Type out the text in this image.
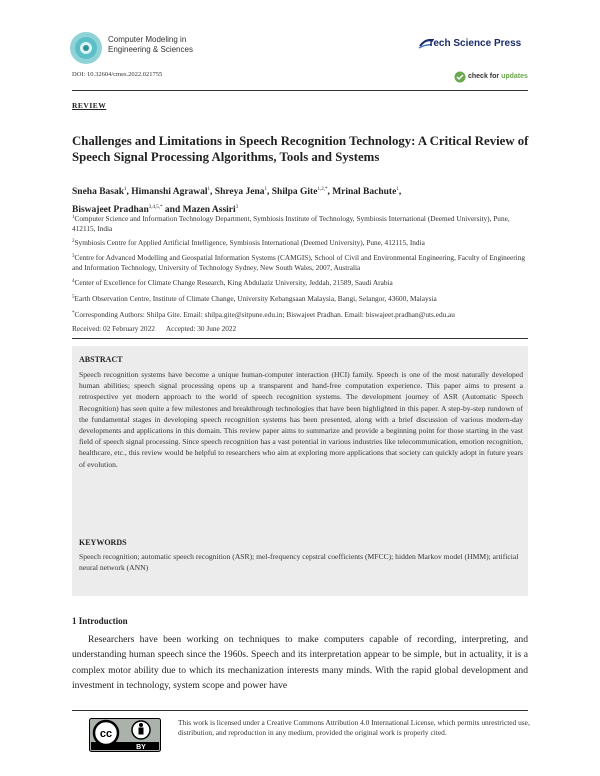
Computer Modeling in Engineering & Sciences
Tech Science Press
DOI: 10.32604/cmes.2022.021755	check for updates
REVIEW
Challenges and Limitations in Speech Recognition Technology: A Critical Review of Speech Signal Processing Algorithms, Tools and Systems
Sneha Basak$^1$, Himanshi Agrawal$^1$, Shreya Jena$^1$, Shilpa Gite$^{1,2,*}$, Mrinal Bachute$^1$,
Biswajeet Pradhan$^{3,4,5,*}$ and Mazen Assiri$^3$
$^1$Computer Science and Information Technology Department, Symbiosis Institute of Technology, Symbiosis International (Deemed University), Pune, 412115, India
$^2$Symbiosis Centre for Applied Artificial Intelligence, Symbiosis International (Deemed University), Pune, 412115, India
$^3$Centre for Advanced Modelling and Geospatial Information Systems (CAMGIS), School of Civil and Environmental Engineering, Faculty of Engineering and Information Technology, University of Technology Sydney, New South Wales, 2007, Australia
$^4$Center of Excellence for Climate Change Research, King Abdulaziz University, Jeddah, 21589, Saudi Arabia
$^5$Earth Observation Centre, Institute of Climate Change, University Kebangsaan Malaysia, Bangi, Selangor, 43600, Malaysia
*Corresponding Authors: Shilpa Gite. Email: shilpa.gite@sitpune.edu.in; Biswajeet Pradhan. Email: biswajeet.pradhan@uts.edu.au
Received: 02 February 2022 Accepted: 30 June 2022
ABSTRACT
Speech recognition systems have become a unique human-computer interaction (HCI) family. Speech is one of the most naturally developed human abilities; speech signal processing opens up a transparent and hand-free computation experience. This paper aims to present a retrospective yet modern approach to the world of speech recognition systems. The development journey of ASR (Automatic Speech Recognition) has seen quite a few milestones and breakthrough technologies that have been highlighted in this paper. A step-by-step rundown of the fundamental stages in developing speech recognition systems has been presented, along with a brief discussion of various modern-day developments and applications in this domain. This review paper aims to summarize and provide a beginning point for those starting in the vast field of speech signal processing. Since speech recognition has a vast potential in various industries like telecommunication, emotion recognition, healthcare, etc., this review would be helpful to researchers who aim at exploring more applications that society can quickly adopt in future years of evolution.
KEYWORDS
Speech recognition; automatic speech recognition (ASR); mel-frequency cepstral coefficients (MFCC); hidden Markov model (HMM); artificial neural network (ANN)
1 Introduction
Researchers have been working on techniques to make computers capable of recording, interpreting, and understanding human speech since the 1960s. Speech and its interpretation appear to be simple, but in actuality, it is a complex motor ability due to which its mechanization interests many minds. With the rapid global development and investment in technology, system scope and power have
cc
BY
This work is licensed under a Creative Commons Attribution 4.0 International License, which permits unrestricted use, distribution, and reproduction in any medium, provided the original work is properly cited.
